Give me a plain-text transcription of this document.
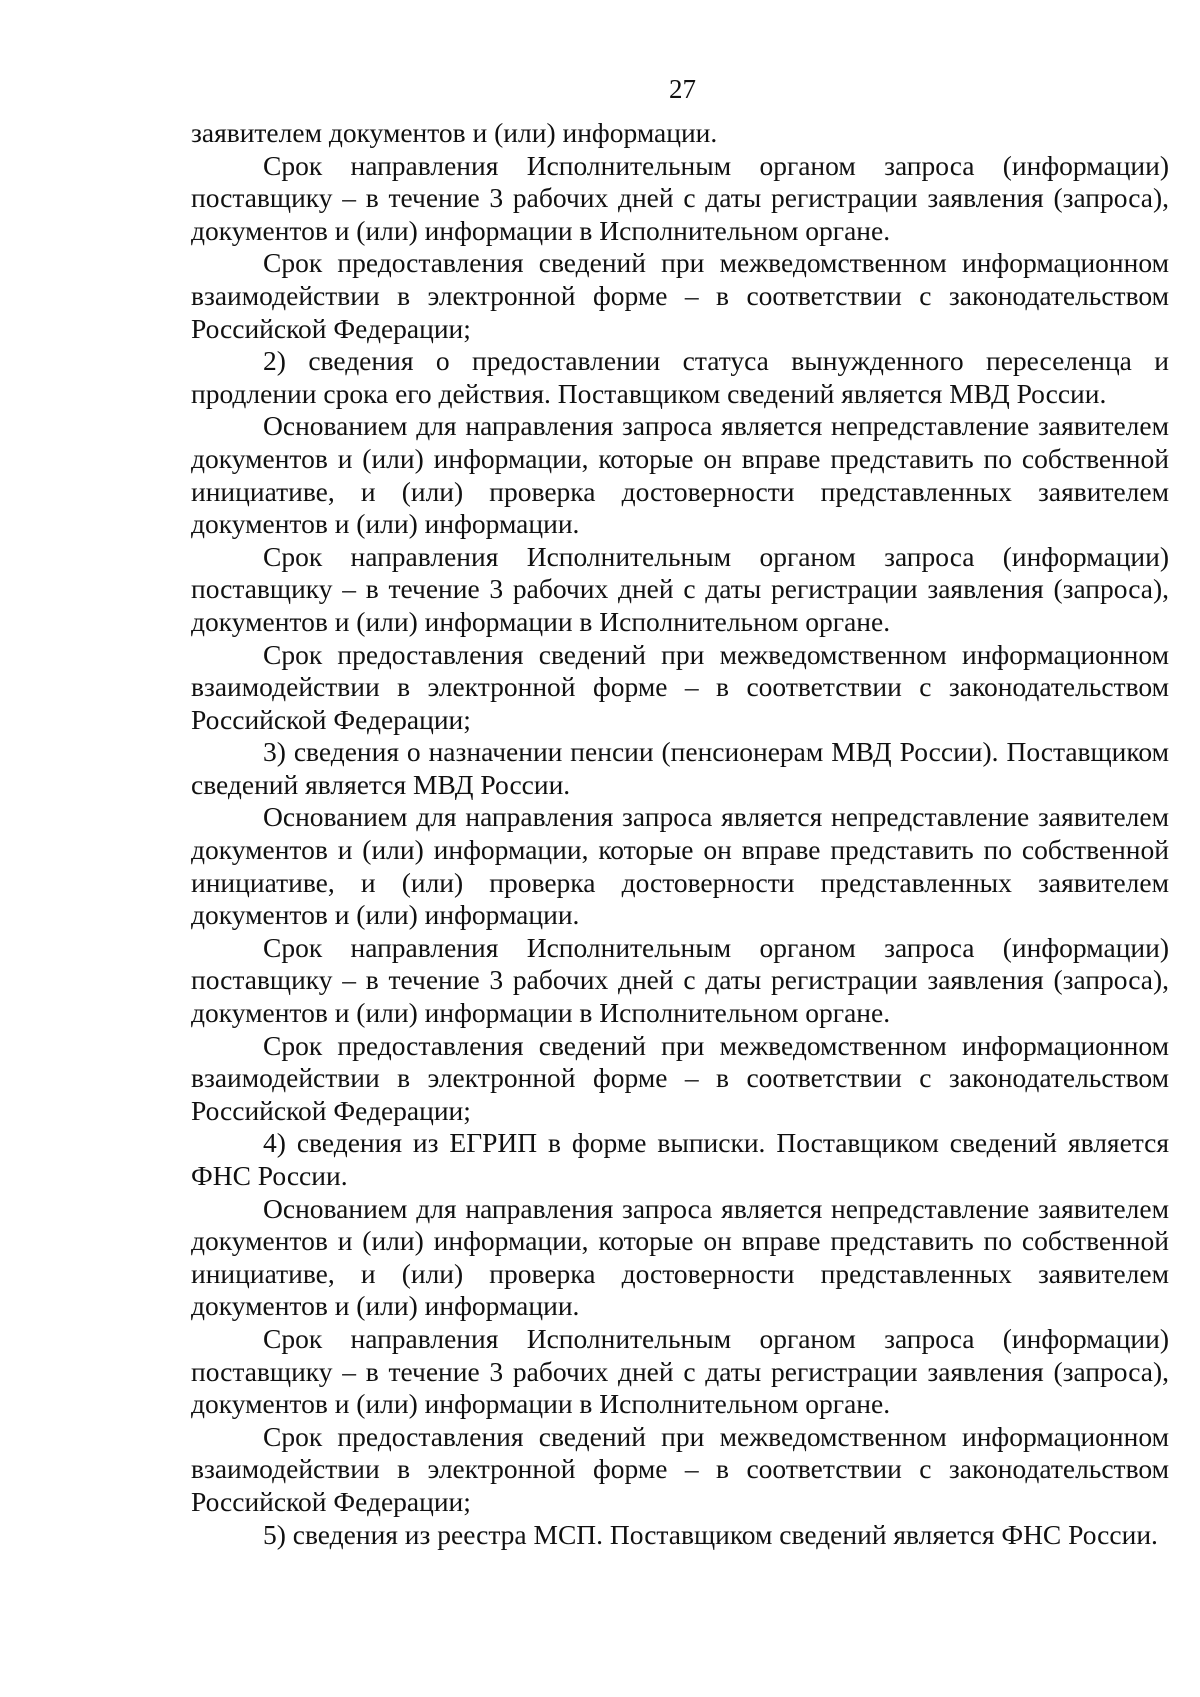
27

заявителем документов и (или) информации.

Срок направления Исполнительным органом запроса (информации) поставщику – в течение 3 рабочих дней с даты регистрации заявления (запроса), документов и (или) информации в Исполнительном органе.

Срок предоставления сведений при межведомственном информационном взаимодействии в электронной форме – в соответствии с законодательством Российской Федерации;

2) сведения о предоставлении статуса вынужденного переселенца и продлении срока его действия. Поставщиком сведений является МВД России.

Основанием для направления запроса является непредставление заявителем документов и (или) информации, которые он вправе представить по собственной инициативе, и (или) проверка достоверности представленных заявителем документов и (или) информации.

Срок направления Исполнительным органом запроса (информации) поставщику – в течение 3 рабочих дней с даты регистрации заявления (запроса), документов и (или) информации в Исполнительном органе.

Срок предоставления сведений при межведомственном информационном взаимодействии в электронной форме – в соответствии с законодательством Российской Федерации;

3) сведения о назначении пенсии (пенсионерам МВД России). Поставщиком сведений является МВД России.

Основанием для направления запроса является непредставление заявителем документов и (или) информации, которые он вправе представить по собственной инициативе, и (или) проверка достоверности представленных заявителем документов и (или) информации.

Срок направления Исполнительным органом запроса (информации) поставщику – в течение 3 рабочих дней с даты регистрации заявления (запроса), документов и (или) информации в Исполнительном органе.

Срок предоставления сведений при межведомственном информационном взаимодействии в электронной форме – в соответствии с законодательством Российской Федерации;

4) сведения из ЕГРИП в форме выписки. Поставщиком сведений является ФНС России.

Основанием для направления запроса является непредставление заявителем документов и (или) информации, которые он вправе представить по собственной инициативе, и (или) проверка достоверности представленных заявителем документов и (или) информации.

Срок направления Исполнительным органом запроса (информации) поставщику – в течение 3 рабочих дней с даты регистрации заявления (запроса), документов и (или) информации в Исполнительном органе.

Срок предоставления сведений при межведомственном информационном взаимодействии в электронной форме – в соответствии с законодательством Российской Федерации;

5) сведения из реестра МСП. Поставщиком сведений является ФНС России.
